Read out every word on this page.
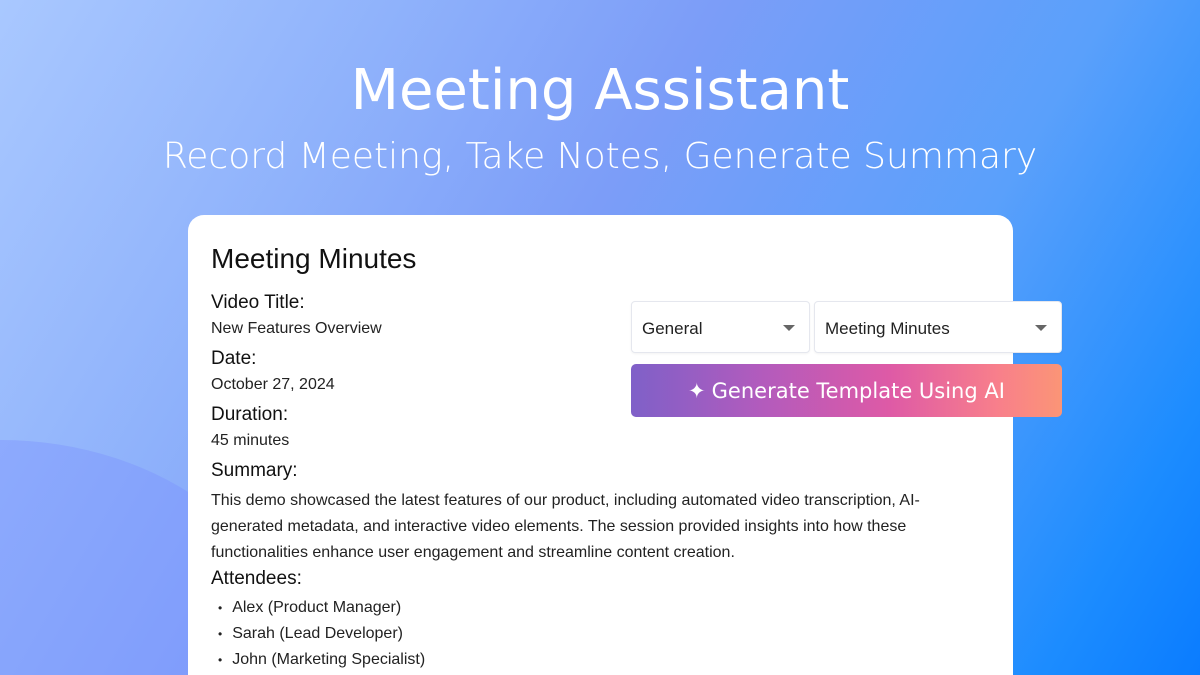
Meeting Assistant
Record Meeting, Take Notes, Generate Summary
Meeting Minutes
Video Title:
New Features Overview
Date:
October 27, 2024
Duration:
45 minutes
Summary:
This demo showcased the latest features of our product, including automated video transcription, AI-generated metadata, and interactive video elements. The session provided insights into how these functionalities enhance user engagement and streamline content creation.
Attendees:
• Alex (Product Manager)
• Sarah (Lead Developer)
• John (Marketing Specialist)
General	Meeting Minutes
✦ Generate Template Using AI
